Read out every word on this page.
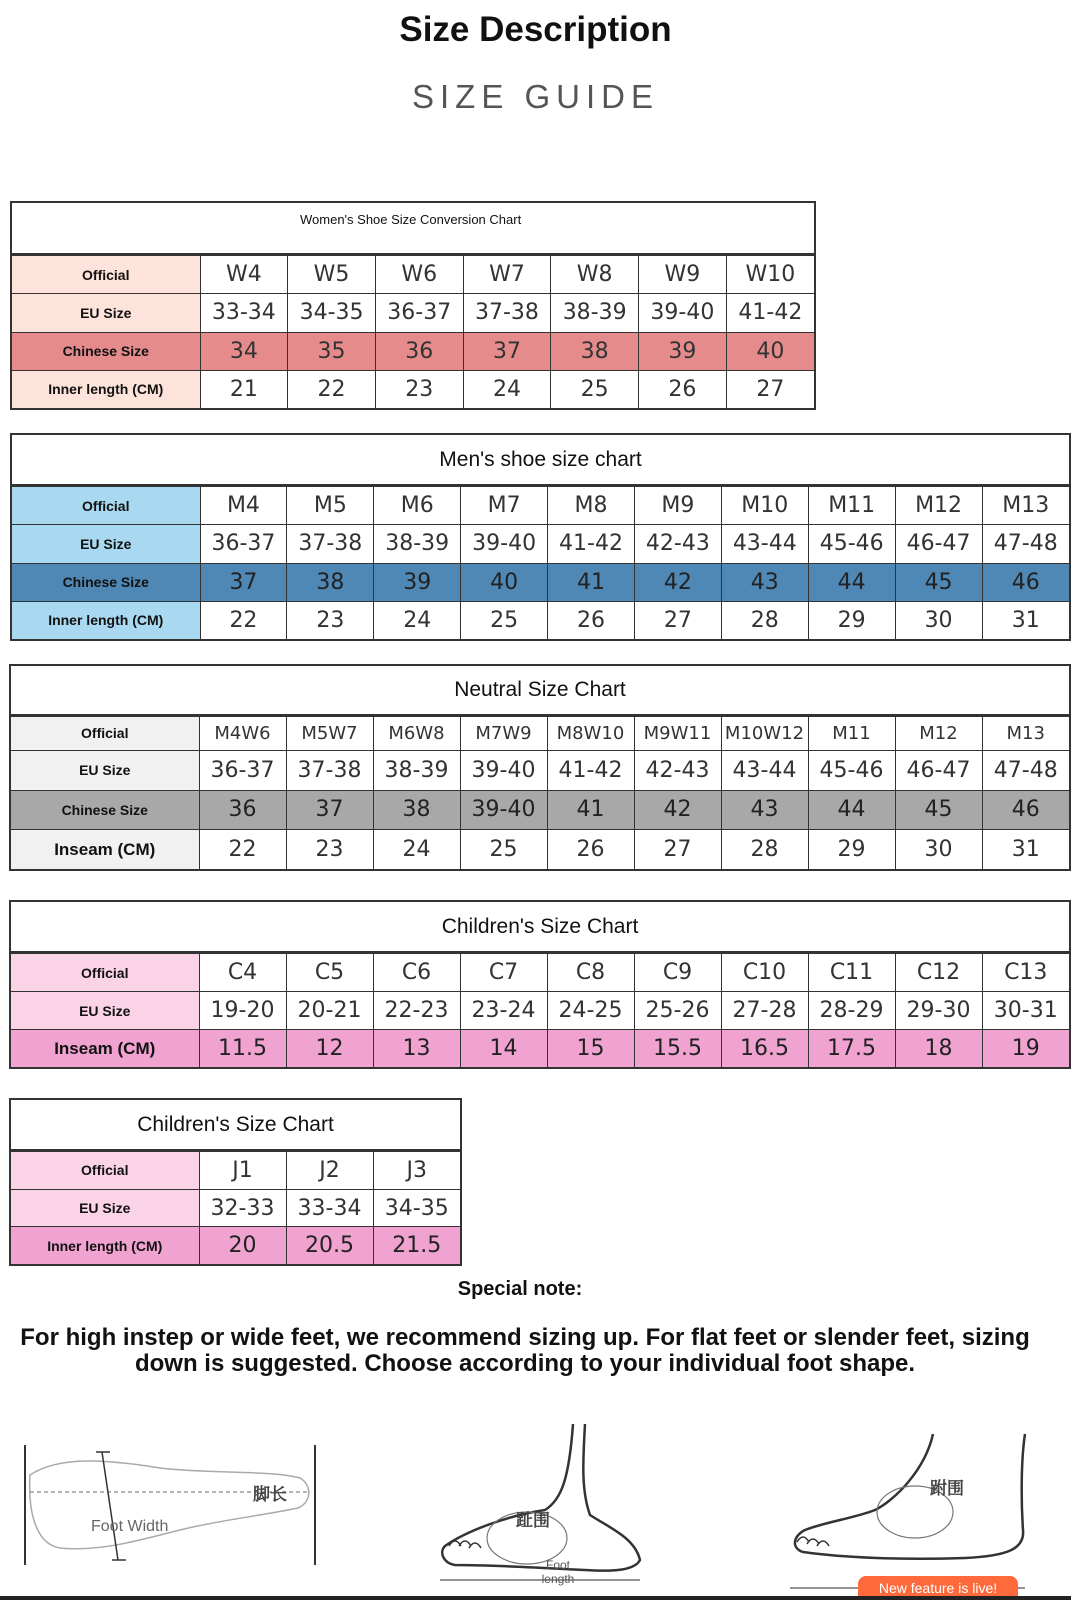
Size Description
SIZE GUIDE
Women's Shoe Size Conversion Chart
Official	W4	W5	W6	W7	W8	W9	W10
EU Size	33-34	34-35	36-37	37-38	38-39	39-40	41-42
Chinese Size	34	35	36	37	38	39	40
Inner length (CM)	21	22	23	24	25	26	27
Men's shoe size chart
Official	M4	M5	M6	M7	M8	M9	M10	M11	M12	M13
EU Size	36-37	37-38	38-39	39-40	41-42	42-43	43-44	45-46	46-47	47-48
Chinese Size	37	38	39	40	41	42	43	44	45	46
Inner length (CM)	22	23	24	25	26	27	28	29	30	31
Neutral Size Chart
Official	M4W6	M5W7	M6W8	M7W9	M8W10	M9W11	M10W12	M11	M12	M13
EU Size	36-37	37-38	38-39	39-40	41-42	42-43	43-44	45-46	46-47	47-48
Chinese Size	36	37	38	39-40	41	42	43	44	45	46
Inseam (CM)	22	23	24	25	26	27	28	29	30	31
Children's Size Chart
Official	C4	C5	C6	C7	C8	C9	C10	C11	C12	C13
EU Size	19-20	20-21	22-23	23-24	24-25	25-26	27-28	28-29	29-30	30-31
Inseam (CM)	11.5	12	13	14	15	15.5	16.5	17.5	18	19
Children's Size Chart
Official	J1	J2	J3
EU Size	32-33	33-34	34-35
Inner length (CM)	20	20.5	21.5
Special note:
For high instep or wide feet, we recommend sizing up. For flat feet or slender feet, sizing down is suggested. Choose according to your individual foot shape.
Foot Width
脚长
趾围
Foot length
跗围
New feature is live!
